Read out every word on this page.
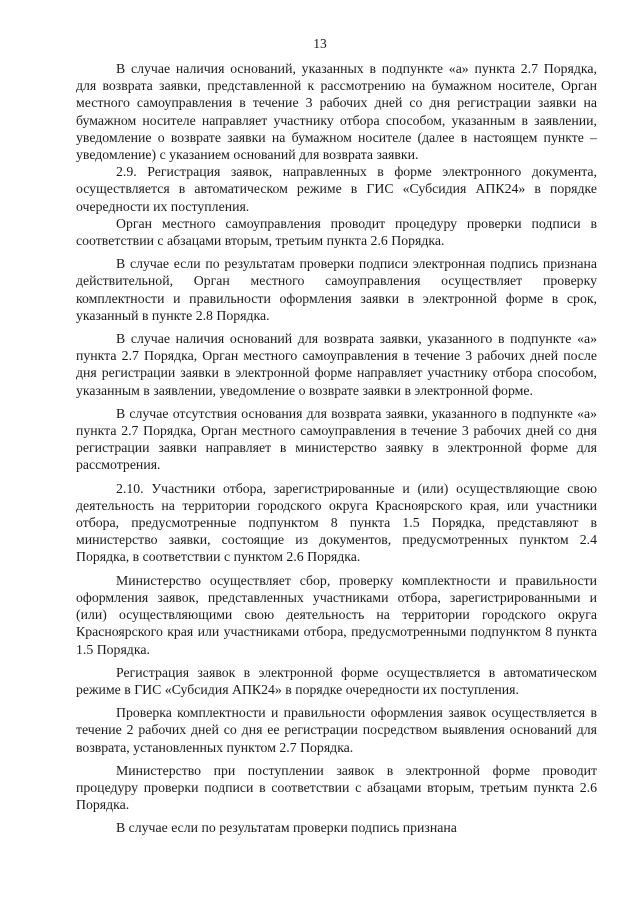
13

В случае наличия оснований, указанных в подпункте «а» пункта 2.7 Порядка, для возврата заявки, представленной к рассмотрению на бумажном носителе, Орган местного самоуправления в течение 3 рабочих дней со дня регистрации заявки на бумажном носителе направляет участнику отбора способом, указанным в заявлении, уведомление о возврате заявки на бумажном носителе (далее в настоящем пункте – уведомление) с указанием оснований для возврата заявки.

2.9. Регистрация заявок, направленных в форме электронного документа, осуществляется в автоматическом режиме в ГИС «Субсидия АПК24» в порядке очередности их поступления.

Орган местного самоуправления проводит процедуру проверки подписи в соответствии с абзацами вторым, третьим пункта 2.6 Порядка.

В случае если по результатам проверки подписи электронная подпись признана действительной, Орган местного самоуправления осуществляет проверку комплектности и правильности оформления заявки в электронной форме в срок, указанный в пункте 2.8 Порядка.

В случае наличия оснований для возврата заявки, указанного в подпункте «а» пункта 2.7 Порядка, Орган местного самоуправления в течение 3 рабочих дней после дня регистрации заявки в электронной форме направляет участнику отбора способом, указанным в заявлении, уведомление о возврате заявки в электронной форме.

В случае отсутствия основания для возврата заявки, указанного в подпункте «а» пункта 2.7 Порядка, Орган местного самоуправления в течение 3 рабочих дней со дня регистрации заявки направляет в министерство заявку в электронной форме для рассмотрения.

2.10. Участники отбора, зарегистрированные и (или) осуществляющие свою деятельность на территории городского округа Красноярского края, или участники отбора, предусмотренные подпунктом 8 пункта 1.5 Порядка, представляют в министерство заявки, состоящие из документов, предусмотренных пунктом 2.4 Порядка, в соответствии с пунктом 2.6 Порядка.

Министерство осуществляет сбор, проверку комплектности и правильности оформления заявок, представленных участниками отбора, зарегистрированными и (или) осуществляющими свою деятельность на территории городского округа Красноярского края или участниками отбора, предусмотренными подпунктом 8 пункта 1.5 Порядка.

Регистрация заявок в электронной форме осуществляется в автоматическом режиме в ГИС «Субсидия АПК24» в порядке очередности их поступления.

Проверка комплектности и правильности оформления заявок осуществляется в течение 2 рабочих дней со дня ее регистрации посредством выявления оснований для возврата, установленных пунктом 2.7 Порядка.

Министерство при поступлении заявок в электронной форме проводит процедуру проверки подписи в соответствии с абзацами вторым, третьим пункта 2.6 Порядка.

В случае если по результатам проверки подпись признана
